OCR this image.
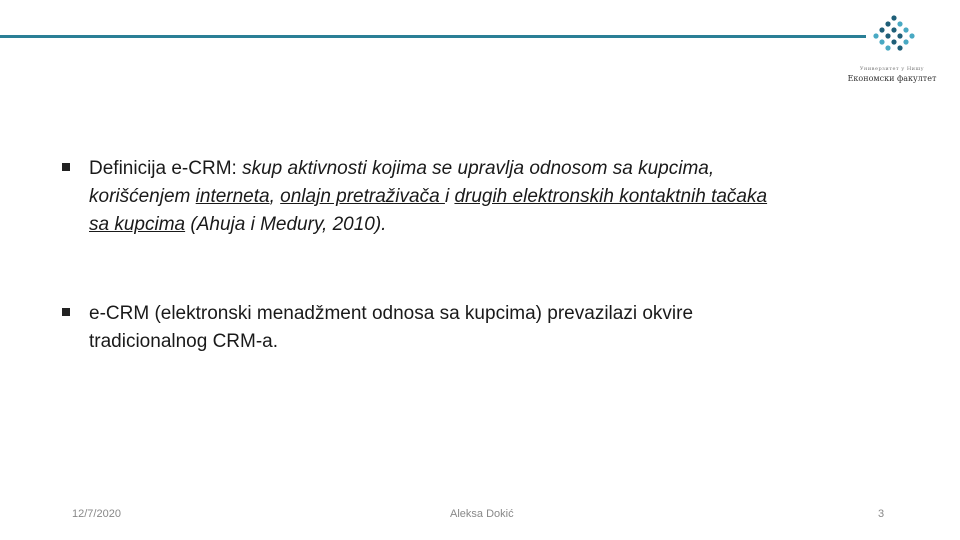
Универзитет у Нишу
Економски факултет
Definicija e-CRM: skup aktivnosti kojima se upravlja odnosom sa kupcima,
korišćenjem interneta, onlajn pretraživača i drugih elektronskih kontaktnih tačaka
sa kupcima (Ahuja i Medury, 2010).
e-CRM (elektronski menadžment odnosa sa kupcima) prevazilazi okvire
tradicionalnog CRM-a.
12/7/2020	Aleksa Dokić	3
